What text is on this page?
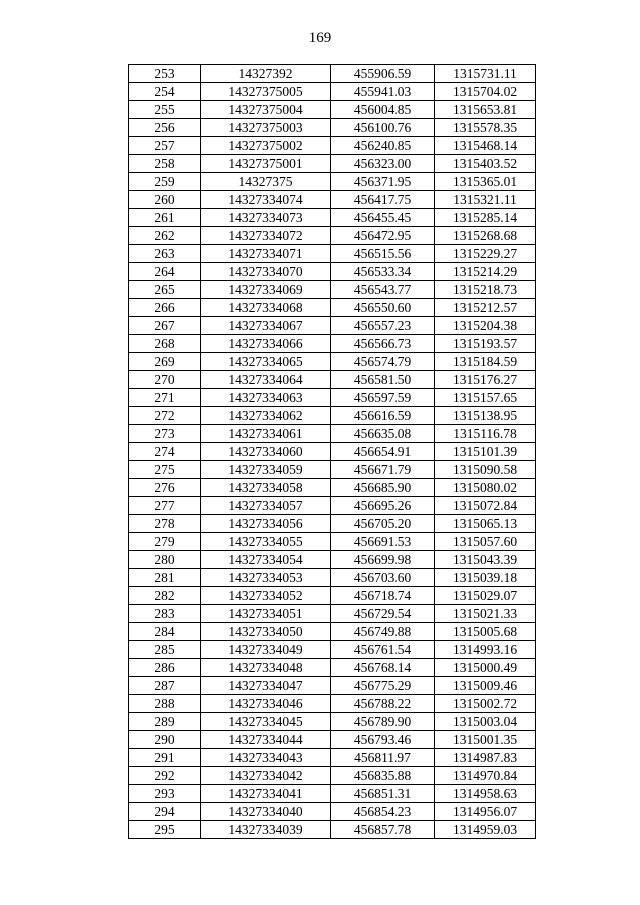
169
253	14327392	455906.59	1315731.11
254	14327375005	455941.03	1315704.02
255	14327375004	456004.85	1315653.81
256	14327375003	456100.76	1315578.35
257	14327375002	456240.85	1315468.14
258	14327375001	456323.00	1315403.52
259	14327375	456371.95	1315365.01
260	14327334074	456417.75	1315321.11
261	14327334073	456455.45	1315285.14
262	14327334072	456472.95	1315268.68
263	14327334071	456515.56	1315229.27
264	14327334070	456533.34	1315214.29
265	14327334069	456543.77	1315218.73
266	14327334068	456550.60	1315212.57
267	14327334067	456557.23	1315204.38
268	14327334066	456566.73	1315193.57
269	14327334065	456574.79	1315184.59
270	14327334064	456581.50	1315176.27
271	14327334063	456597.59	1315157.65
272	14327334062	456616.59	1315138.95
273	14327334061	456635.08	1315116.78
274	14327334060	456654.91	1315101.39
275	14327334059	456671.79	1315090.58
276	14327334058	456685.90	1315080.02
277	14327334057	456695.26	1315072.84
278	14327334056	456705.20	1315065.13
279	14327334055	456691.53	1315057.60
280	14327334054	456699.98	1315043.39
281	14327334053	456703.60	1315039.18
282	14327334052	456718.74	1315029.07
283	14327334051	456729.54	1315021.33
284	14327334050	456749.88	1315005.68
285	14327334049	456761.54	1314993.16
286	14327334048	456768.14	1315000.49
287	14327334047	456775.29	1315009.46
288	14327334046	456788.22	1315002.72
289	14327334045	456789.90	1315003.04
290	14327334044	456793.46	1315001.35
291	14327334043	456811.97	1314987.83
292	14327334042	456835.88	1314970.84
293	14327334041	456851.31	1314958.63
294	14327334040	456854.23	1314956.07
295	14327334039	456857.78	1314959.03
